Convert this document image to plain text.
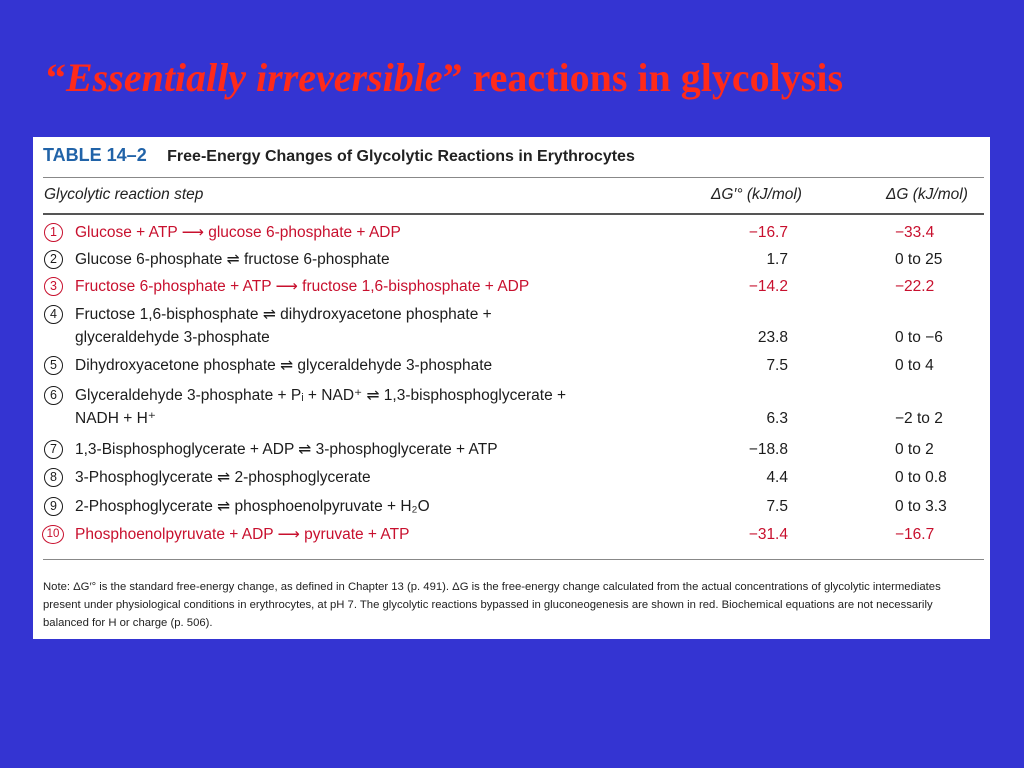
“Essentially irreversible” reactions in glycolysis
TABLE 14–2 Free-Energy Changes of Glycolytic Reactions in Erythrocytes
Glycolytic reaction step	ΔG′° (kJ/mol)	ΔG (kJ/mol)
1	Glucose + ATP ⟶ glucose 6-phosphate + ADP	−16.7	−33.4
2	Glucose 6-phosphate ⇌ fructose 6-phosphate	1.7	0 to 25
3	Fructose 6-phosphate + ATP ⟶ fructose 1,6-bisphosphate + ADP	−14.2	−22.2
4	Fructose 1,6-bisphosphate ⇌ dihydroxyacetone phosphate +
glyceraldehyde 3-phosphate	23.8	0 to −6
5	Dihydroxyacetone phosphate ⇌ glyceraldehyde 3-phosphate	7.5	0 to 4
6	Glyceraldehyde 3-phosphate + Pᵢ + NAD⁺ ⇌ 1,3-bisphosphoglycerate +
NADH + H⁺	6.3	−2 to 2
7	1,3-Bisphosphoglycerate + ADP ⇌ 3-phosphoglycerate + ATP	−18.8	0 to 2
8	3-Phosphoglycerate ⇌ 2-phosphoglycerate	4.4	0 to 0.8
9	2-Phosphoglycerate ⇌ phosphoenolpyruvate + H₂O	7.5	0 to 3.3
10 Phosphoenolpyruvate + ADP ⟶ pyruvate + ATP	−31.4	−16.7
Note: ΔG′° is the standard free-energy change, as defined in Chapter 13 (p. 491). ΔG is the free-energy change calculated from the actual concentrations of glycolytic intermediates present under physiological conditions in erythrocytes, at pH 7. The glycolytic reactions bypassed in gluconeogenesis are shown in red. Biochemical equations are not necessarily balanced for H or charge (p. 506).
